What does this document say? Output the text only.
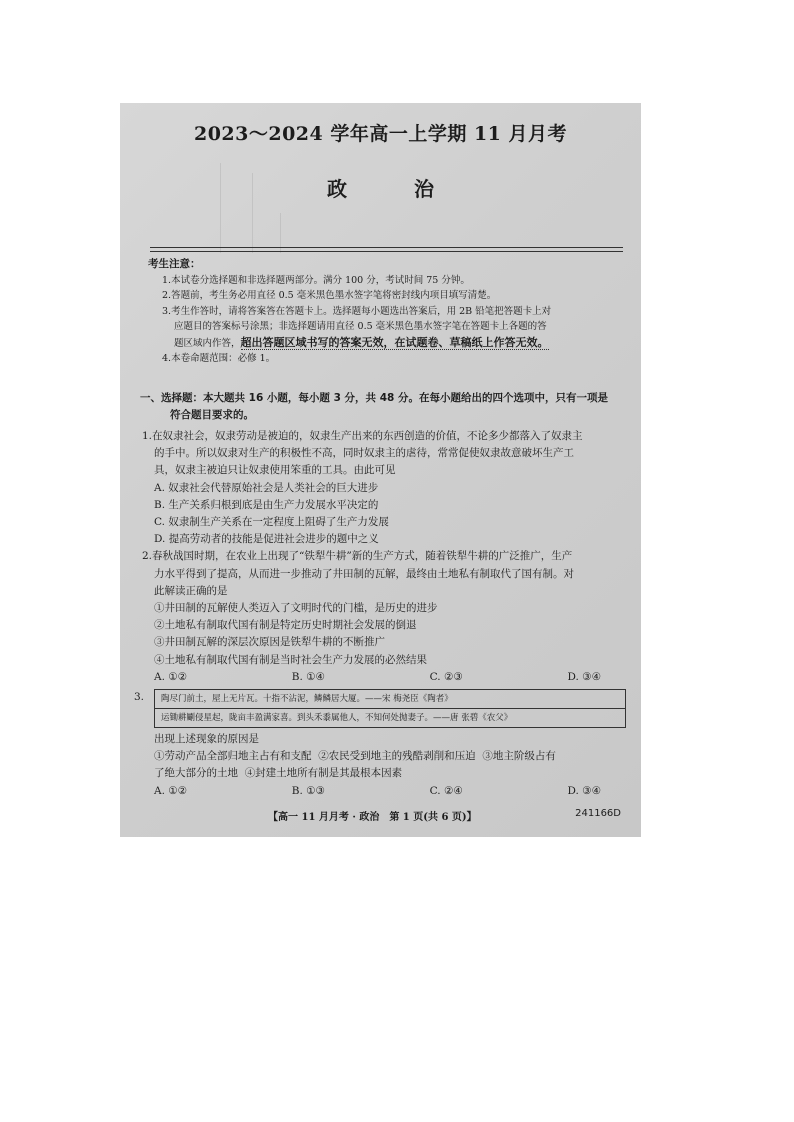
2023～2024 学年高一上学期 11 月月考
政 治
考生注意：
1.本试卷分选择题和非选择题两部分。满分 100 分，考试时间 75 分钟。
2.答题前，考生务必用直径 0.5 毫米黑色墨水签字笔将密封线内项目填写清楚。
3.考生作答时，请将答案答在答题卡上。选择题每小题选出答案后，用 2B 铅笔把答题卡上对
应题目的答案标号涂黑；非选择题请用直径 0.5 毫米黑色墨水签字笔在答题卡上各题的答
题区域内作答，超出答题区域书写的答案无效，在试题卷、草稿纸上作答无效。
4.本卷命题范围：必修 1。
一、选择题：本大题共 16 小题，每小题 3 分，共 48 分。在每小题给出的四个选项中，只有一项是
符合题目要求的。
1.在奴隶社会，奴隶劳动是被迫的，奴隶生产出来的东西创造的价值，不论多少都落入了奴隶主
的手中。所以奴隶对生产的积极性不高，同时奴隶主的虐待，常常促使奴隶故意破坏生产工
具，奴隶主被迫只让奴隶使用笨重的工具。由此可见
A. 奴隶社会代替原始社会是人类社会的巨大进步
B. 生产关系归根到底是由生产力发展水平决定的
C. 奴隶制生产关系在一定程度上阻碍了生产力发展
D. 提高劳动者的技能是促进社会进步的题中之义
2.春秋战国时期，在农业上出现了“铁犁牛耕”新的生产方式，随着铁犁牛耕的广泛推广，生产
力水平得到了提高，从而进一步推动了井田制的瓦解，最终由土地私有制取代了国有制。对
此解读正确的是
①井田制的瓦解使人类迈入了文明时代的门槛，是历史的进步
②土地私有制取代国有制是特定历史时期社会发展的倒退
③井田制瓦解的深层次原因是铁犁牛耕的不断推广
④土地私有制取代国有制是当时社会生产力发展的必然结果
A. ①②	B. ①④	C. ②③	D. ③④
3.	陶尽门前土，屋上无片瓦。十指不沾泥，鳞鳞居大厦。——宋 梅尧臣《陶者》
运锄耕劚侵星起，陇亩丰盈满家喜。到头禾黍属他人，不知何处抛妻子。——唐 张碧《农父》
出现上述现象的原因是
①劳动产品全部归地主占有和支配 ②农民受到地主的残酷剥削和压迫 ③地主阶级占有
了绝大部分的土地 ④封建土地所有制是其最根本因素
A. ①②	B. ①③	C. ②④	D. ③④
【高一 11 月月考 · 政治　第 1 页(共 6 页)】	241166D
